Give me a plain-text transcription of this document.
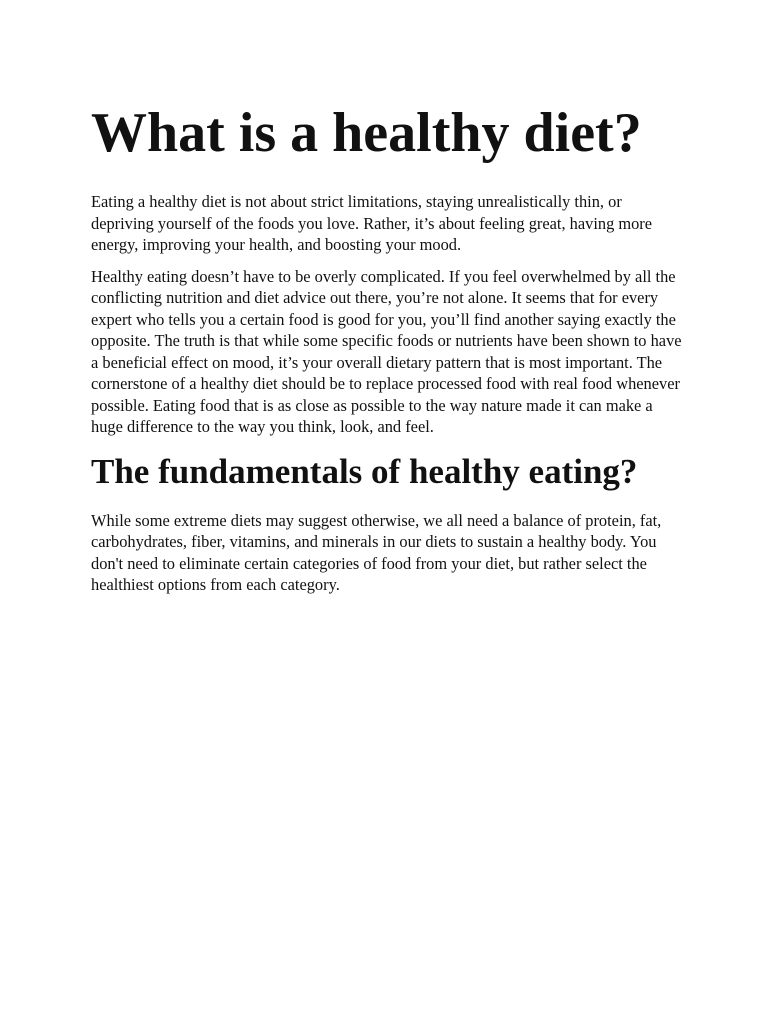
What is a healthy diet?

Eating a healthy diet is not about strict limitations, staying unrealistically thin, or depriving yourself of the foods you love. Rather, it’s about feeling great, having more energy, improving your health, and boosting your mood.

Healthy eating doesn’t have to be overly complicated. If you feel overwhelmed by all the conflicting nutrition and diet advice out there, you’re not alone. It seems that for every expert who tells you a certain food is good for you, you’ll find another saying exactly the opposite. The truth is that while some specific foods or nutrients have been shown to have a beneficial effect on mood, it’s your overall dietary pattern that is most important. The cornerstone of a healthy diet should be to replace processed food with real food whenever possible. Eating food that is as close as possible to the way nature made it can make a huge difference to the way you think, look, and feel.

The fundamentals of healthy eating?

While some extreme diets may suggest otherwise, we all need a balance of protein, fat, carbohydrates, fiber, vitamins, and minerals in our diets to sustain a healthy body. You don't need to eliminate certain categories of food from your diet, but rather select the healthiest options from each category.
